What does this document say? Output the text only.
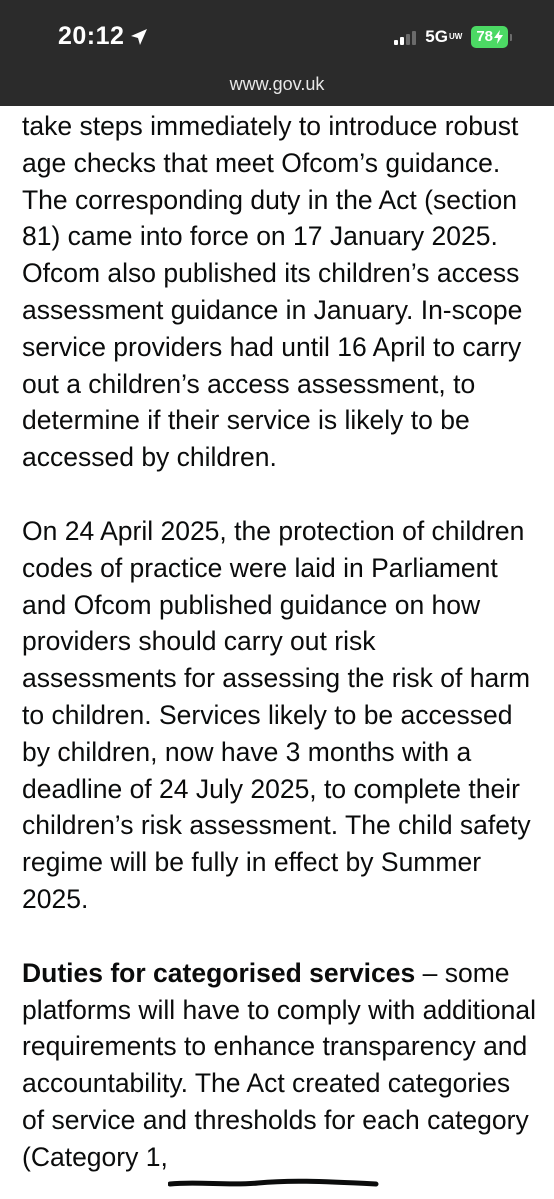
20:12	5G UW 78
www.gov.uk

take steps immediately to introduce robust age checks that meet Ofcom’s guidance. The corresponding duty in the Act (section 81) came into force on 17 January 2025. Ofcom also published its children’s access assessment guidance in January. In-scope service providers had until 16 April to carry out a children’s access assessment, to determine if their service is likely to be accessed by children.

On 24 April 2025, the protection of children codes of practice were laid in Parliament and Ofcom published guidance on how providers should carry out risk assessments for assessing the risk of harm to children. Services likely to be accessed by children, now have 3 months with a deadline of 24 July 2025, to complete their children’s risk assessment. The child safety regime will be fully in effect by Summer 2025.

Duties for categorised services – some platforms will have to comply with additional requirements to enhance transparency and accountability. The Act created categories of service and thresholds for each category (Category 1,
